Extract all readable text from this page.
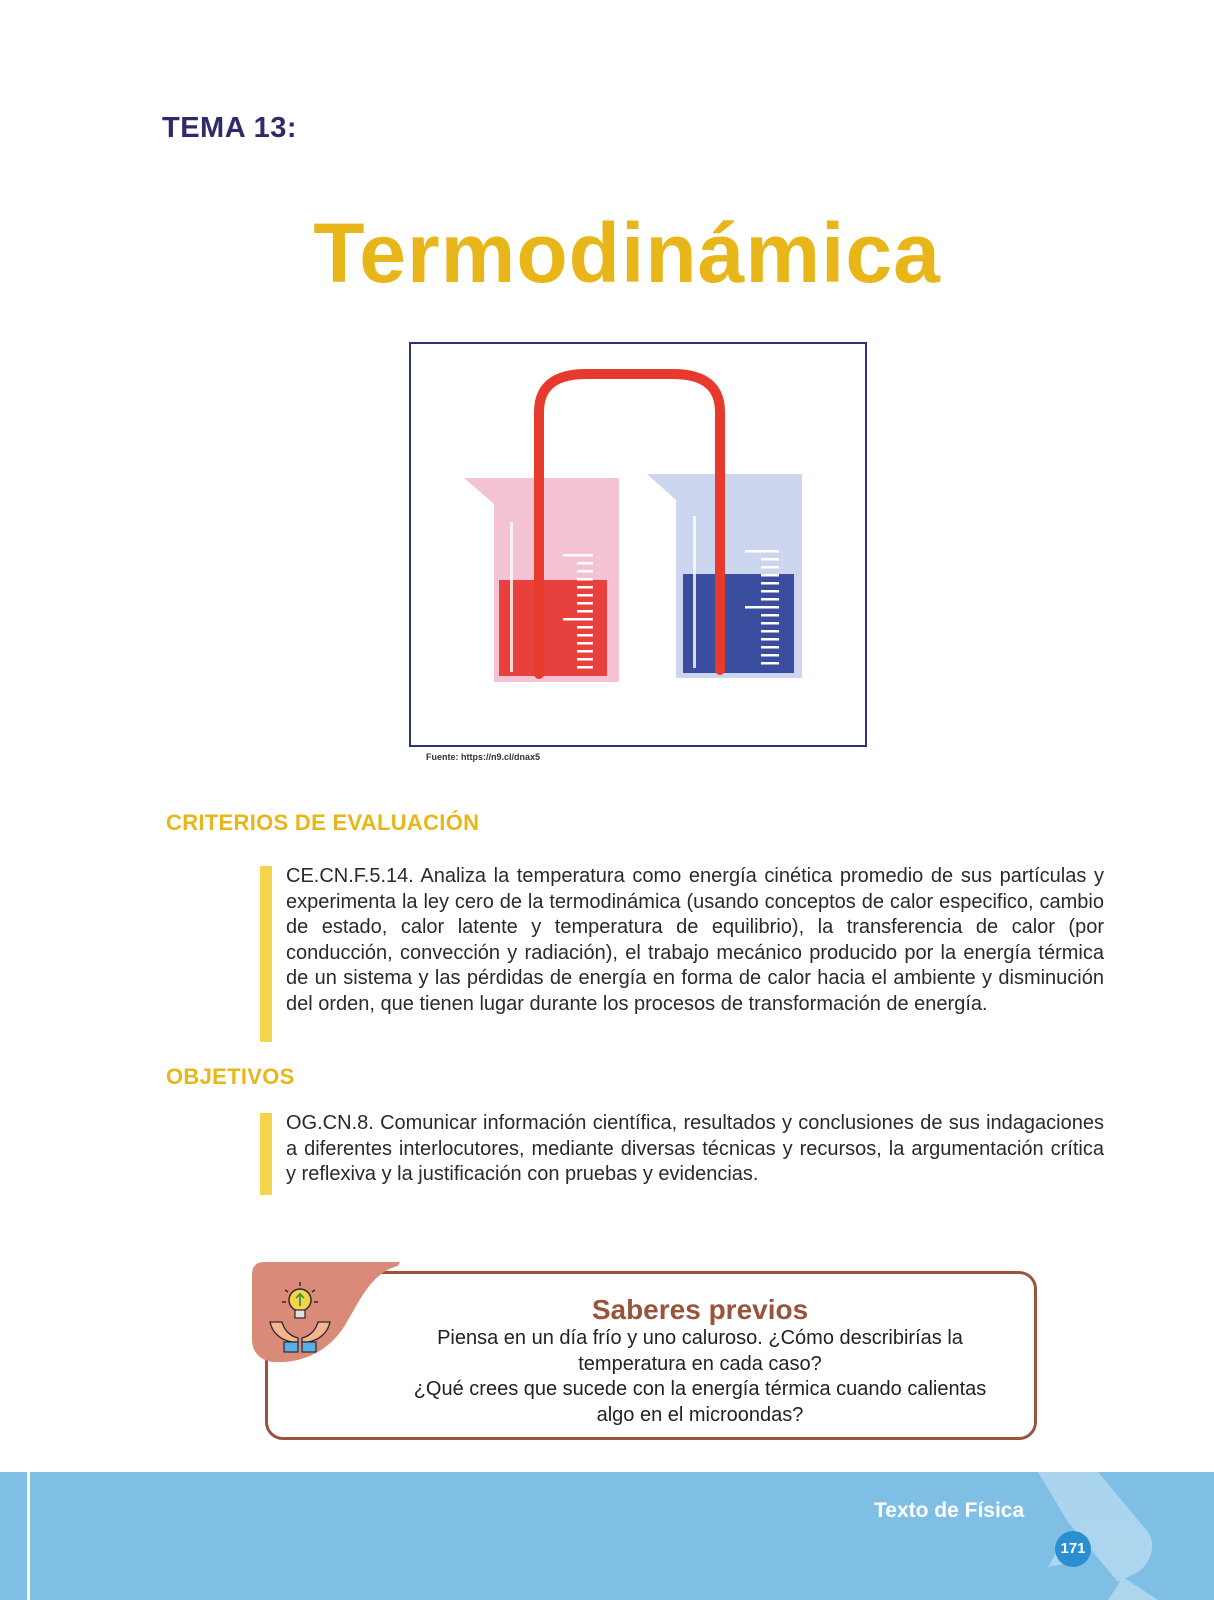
TEMA 13:
Termodinámica
Fuente: https://n9.cl/dnax5
CRITERIOS DE EVALUACIÓN
CE.CN.F.5.14. Analiza la temperatura como energía cinética promedio de sus partículas y experimenta la ley cero de la termodinámica (usando conceptos de calor especifico, cambio de estado, calor latente y temperatura de equilibrio), la transferencia de calor (por conducción, convección y radiación), el trabajo mecánico producido por la energía térmica de un sistema y las pérdidas de energía en forma de calor hacia el ambiente y disminución del orden, que tienen lugar durante los procesos de transformación de energía.
OBJETIVOS
OG.CN.8. Comunicar información científica, resultados y conclusiones de sus indagaciones a diferentes interlocutores, mediante diversas técnicas y recursos, la argumentación crítica y reflexiva y la justificación con pruebas y evidencias.
Saberes previos
Piensa en un día frío y uno caluroso. ¿Cómo describirías la temperatura en cada caso?
¿Qué crees que sucede con la energía térmica cuando calientas algo en el microondas?
Texto de Física
171
